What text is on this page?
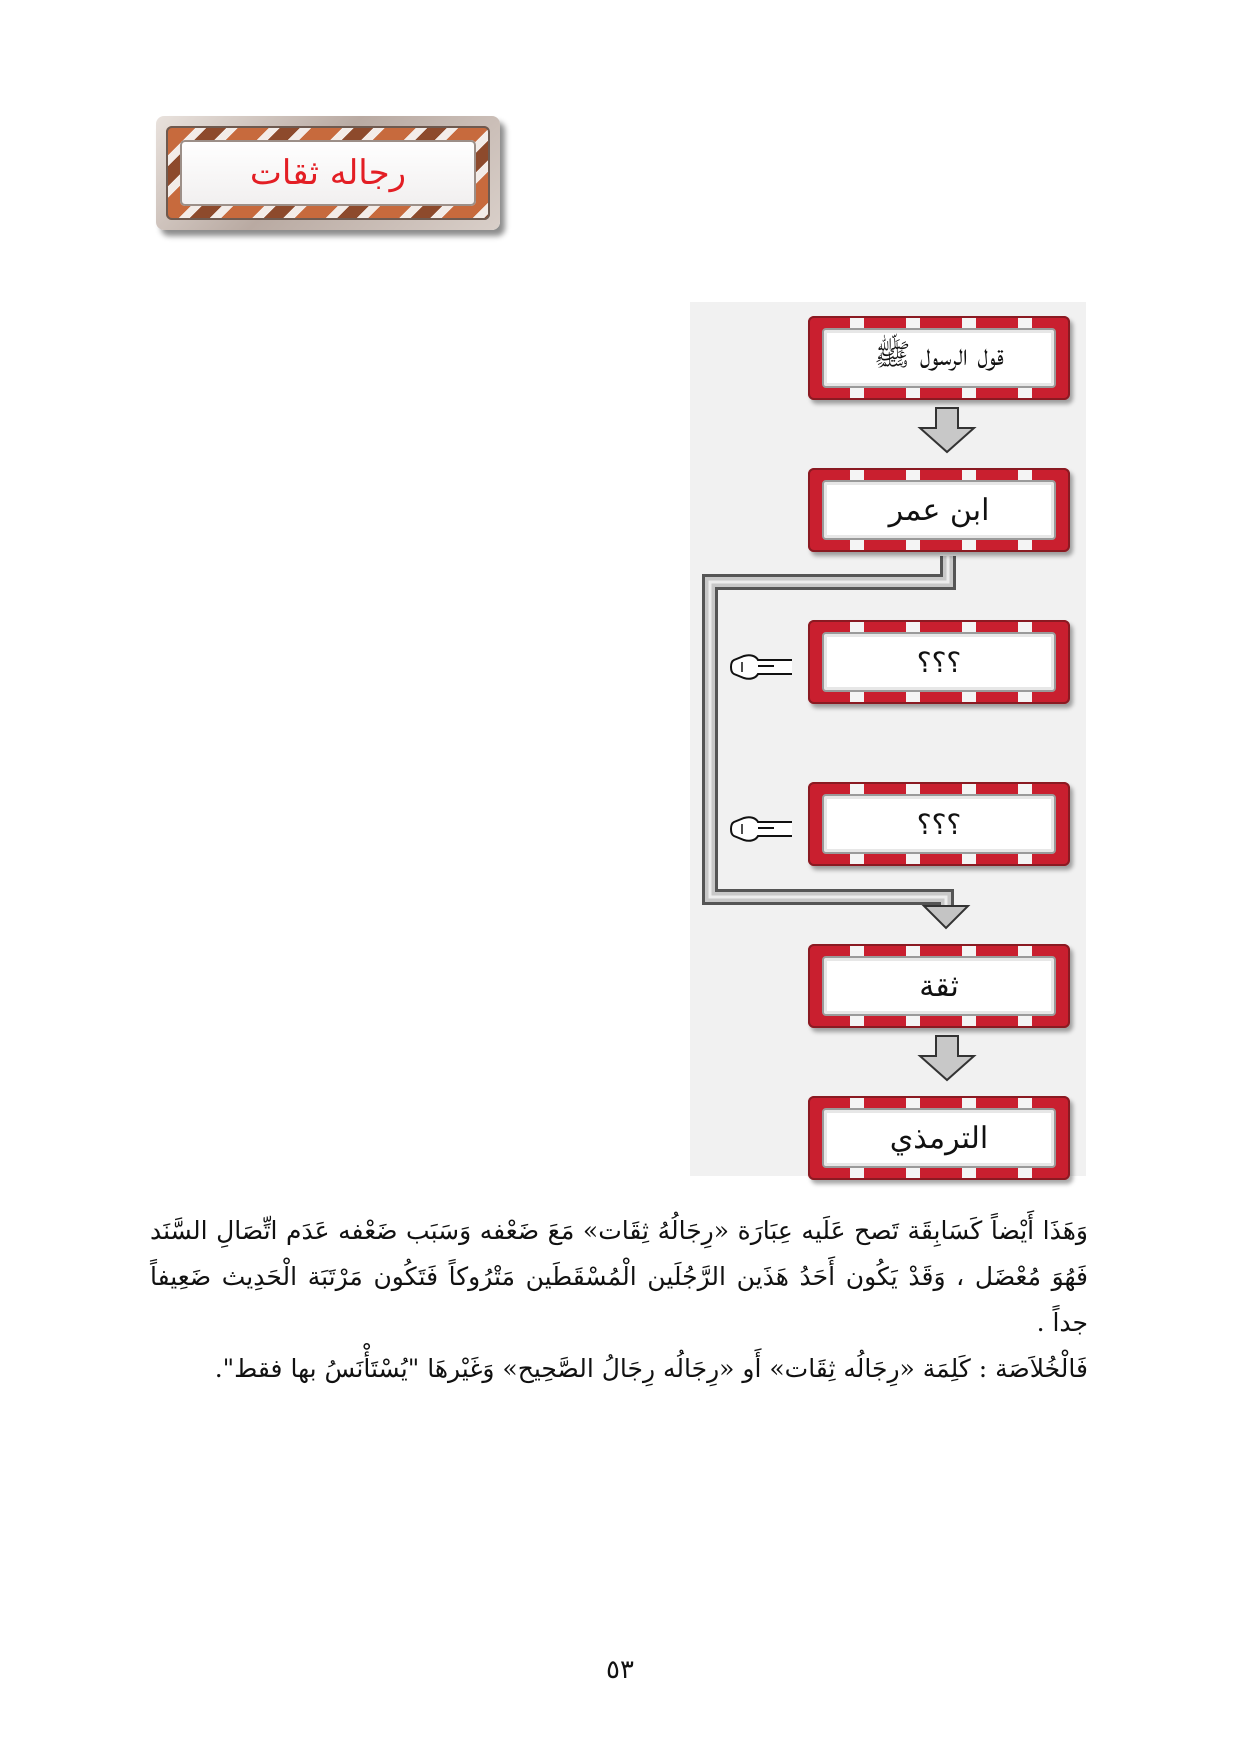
رجاله ثقات
قول الرسول ﷺ
ابن عمر
؟؟؟
؟؟؟
ثقة
الترمذي

وَهَذَا أَيْضاً كَسَابِقَة تَصح عَلَيه عِبَارَة «رِجَالُهُ ثِقَات» مَعَ ضَعْفه وَسَبَب ضَعْفه عَدَم اتِّصَالِ السَّنَد فَهُوَ مُعْضَل ، وَقَدْ يَكُون أَحَدُ هَذَين الرَّجُلَين الْمُسْقَطَين مَتْرُوكاً فَتَكُون مَرْتَبَة الْحَدِيث ضَعِيفاً جداً .

فَالْخُلاَصَة : كَلِمَة «رِجَالُه ثِقَات» أَو «رِجَالُه رِجَالُ الصَّحِيح» وَغَيْرهَا "يُسْتَأْنَسُ بها فقط".

٥٣
